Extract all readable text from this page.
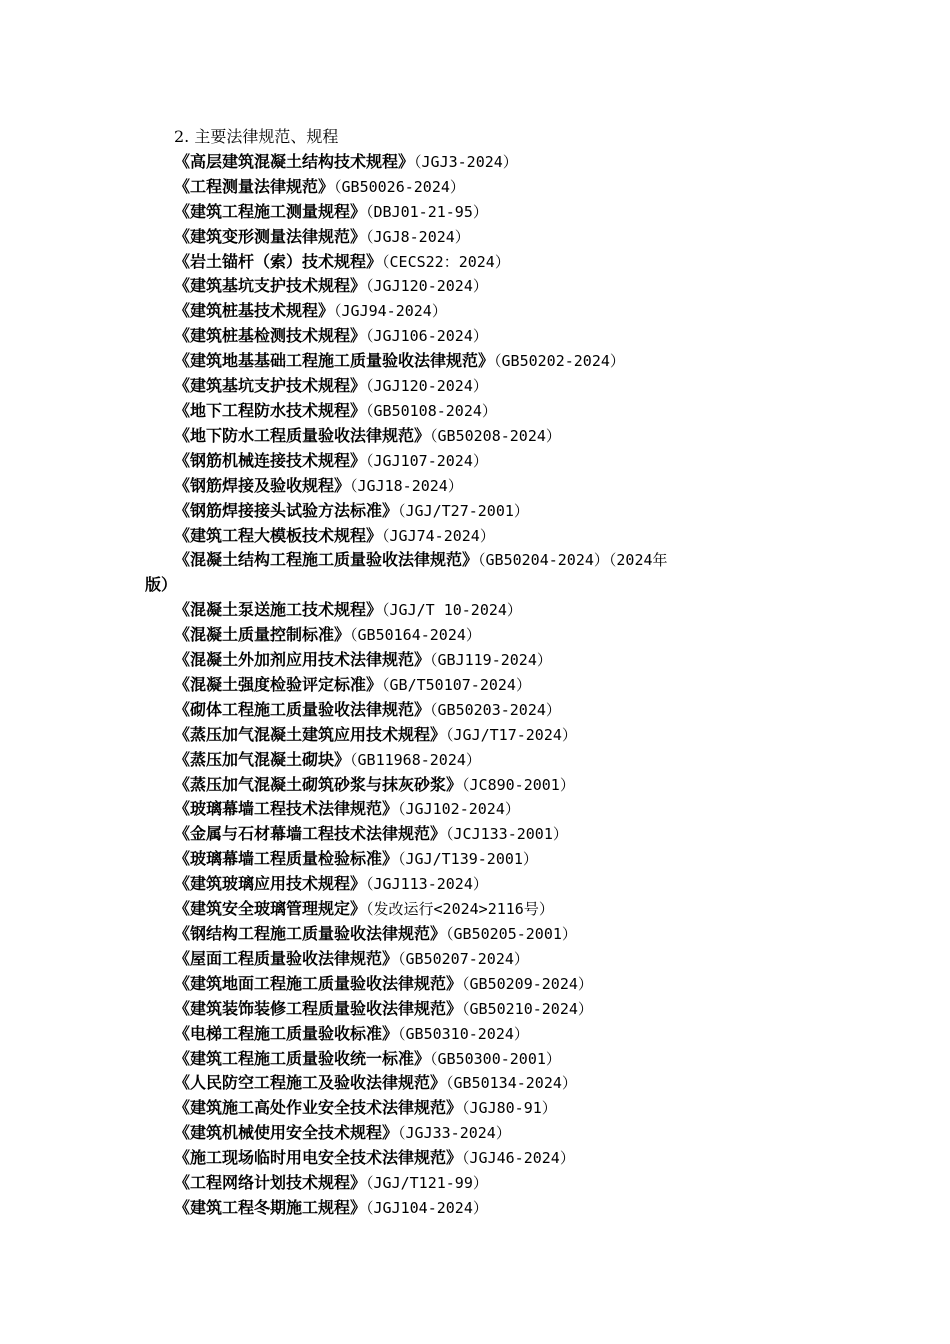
2. 主要法律规范、规程
《高层建筑混凝土结构技术规程》（JGJ3-2024）
《工程测量法律规范》（GB50026-2024）
《建筑工程施工测量规程》（DBJ01-21-95）
《建筑变形测量法律规范》（JGJ8-2024）
《岩土锚杆（索）技术规程》（CECS22：2024）
《建筑基坑支护技术规程》（JGJ120-2024）
《建筑桩基技术规程》（JGJ94-2024）
《建筑桩基检测技术规程》（JGJ106-2024）
《建筑地基基础工程施工质量验收法律规范》（GB50202-2024）
《建筑基坑支护技术规程》（JGJ120-2024）
《地下工程防水技术规程》（GB50108-2024）
《地下防水工程质量验收法律规范》（GB50208-2024）
《钢筋机械连接技术规程》（JGJ107-2024）
《钢筋焊接及验收规程》（JGJ18-2024）
《钢筋焊接接头试验方法标准》（JGJ/T27-2001）
《建筑工程大模板技术规程》（JGJ74-2024）
《混凝土结构工程施工质量验收法律规范》（GB50204-2024）（2024年
版）
《混凝土泵送施工技术规程》（JGJ/T 10-2024）
《混凝土质量控制标准》（GB50164-2024）
《混凝土外加剂应用技术法律规范》（GBJ119-2024）
《混凝土强度检验评定标准》（GB/T50107-2024）
《砌体工程施工质量验收法律规范》（GB50203-2024）
《蒸压加气混凝土建筑应用技术规程》（JGJ/T17-2024）
《蒸压加气混凝土砌块》（GB11968-2024）
《蒸压加气混凝土砌筑砂浆与抹灰砂浆》（JC890-2001）
《玻璃幕墙工程技术法律规范》（JGJ102-2024）
《金属与石材幕墙工程技术法律规范》（JCJ133-2001）
《玻璃幕墙工程质量检验标准》（JGJ/T139-2001）
《建筑玻璃应用技术规程》（JGJ113-2024）
《建筑安全玻璃管理规定》（发改运行<2024>2116号）
《钢结构工程施工质量验收法律规范》（GB50205-2001）
《屋面工程质量验收法律规范》（GB50207-2024）
《建筑地面工程施工质量验收法律规范》（GB50209-2024）
《建筑装饰装修工程质量验收法律规范》（GB50210-2024）
《电梯工程施工质量验收标准》（GB50310-2024）
《建筑工程施工质量验收统一标准》（GB50300-2001）
《人民防空工程施工及验收法律规范》（GB50134-2024）
《建筑施工高处作业安全技术法律规范》（JGJ80-91）
《建筑机械使用安全技术规程》（JGJ33-2024）
《施工现场临时用电安全技术法律规范》（JGJ46-2024）
《工程网络计划技术规程》（JGJ/T121-99）
《建筑工程冬期施工规程》（JGJ104-2024）
